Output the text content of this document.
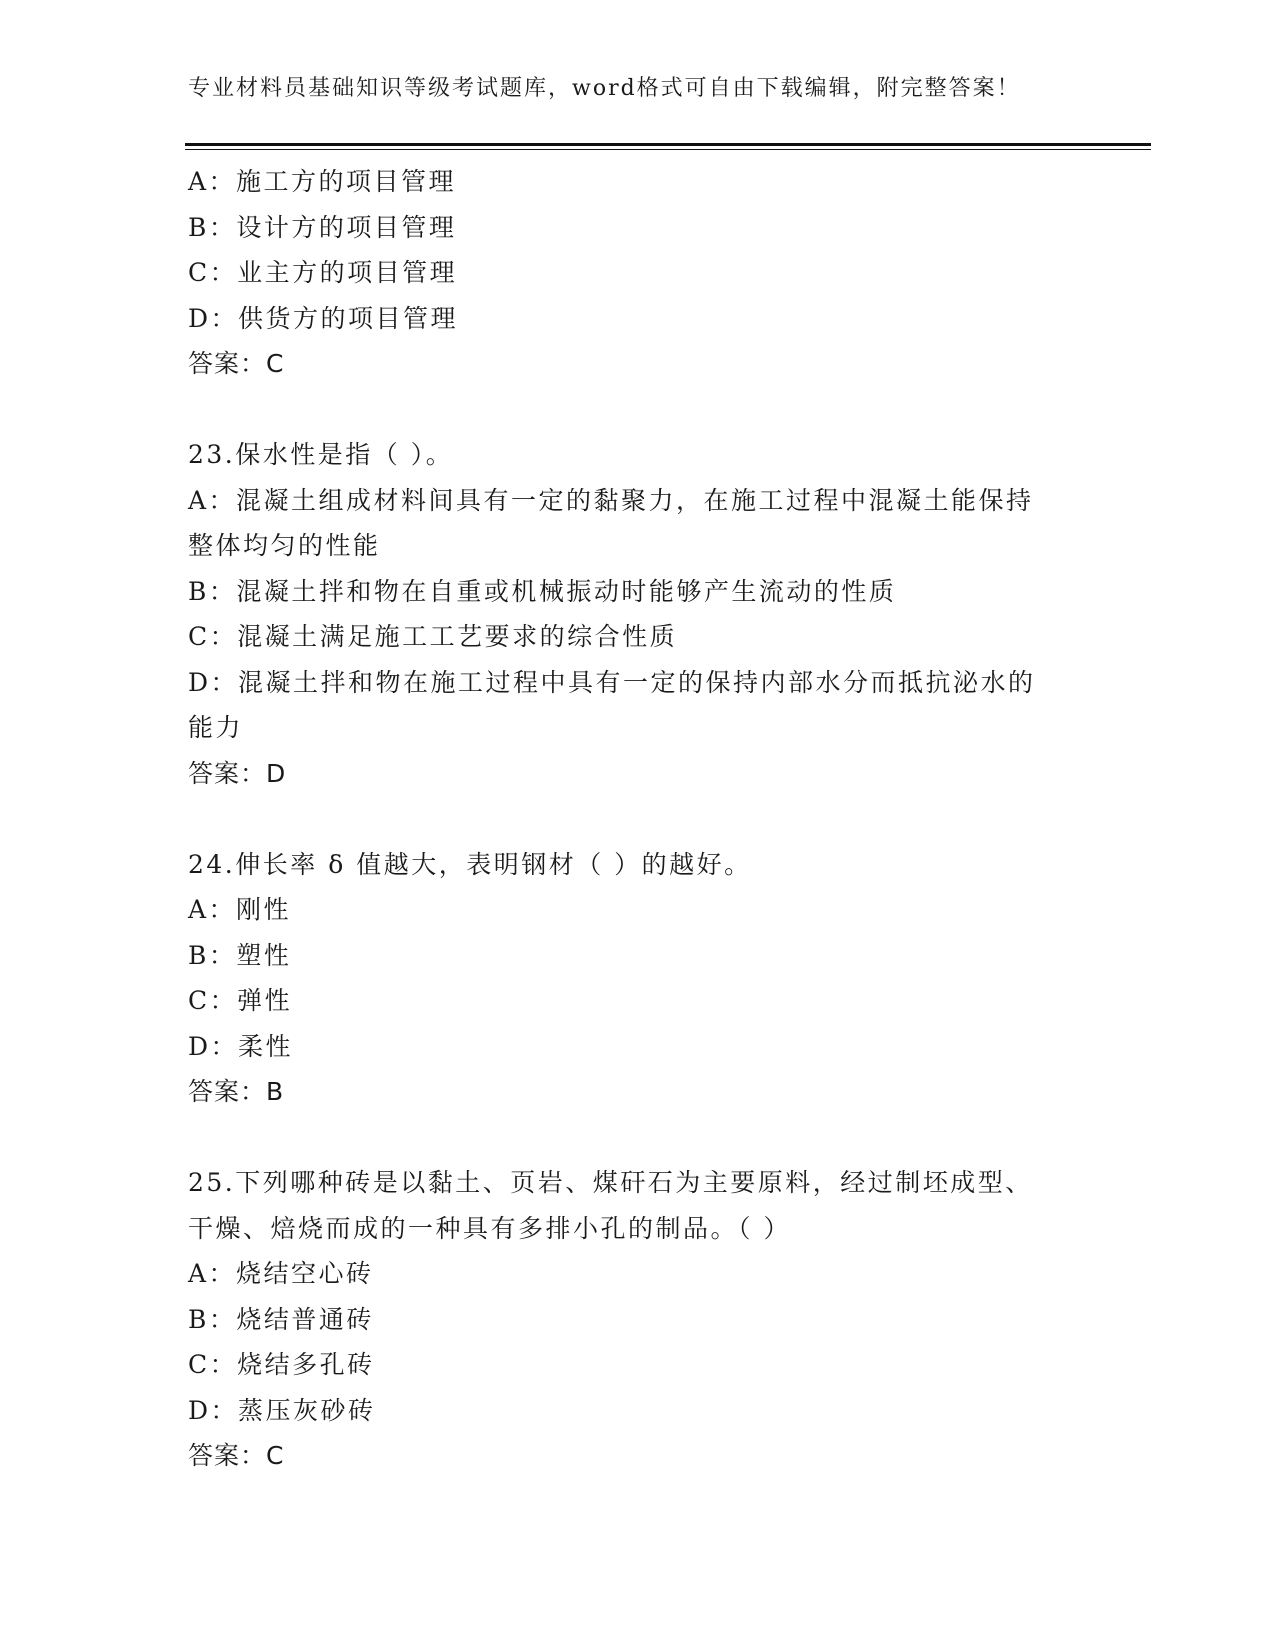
专业材料员基础知识等级考试题库，word格式可自由下载编辑，附完整答案！
A：施工方的项目管理
B：设计方的项目管理
C：业主方的项目管理
D：供货方的项目管理
答案：C
23.保水性是指（ ）。
A：混凝土组成材料间具有一定的黏聚力，在施工过程中混凝土能保持
整体均匀的性能
B：混凝土拌和物在自重或机械振动时能够产生流动的性质
C：混凝土满足施工工艺要求的综合性质
D：混凝土拌和物在施工过程中具有一定的保持内部水分而抵抗泌水的
能力
答案：D
24.伸长率 δ 值越大，表明钢材（ ）的越好。
A：刚性
B：塑性
C：弹性
D：柔性
答案：B
25.下列哪种砖是以黏土、页岩、煤矸石为主要原料，经过制坯成型、
干燥、焙烧而成的一种具有多排小孔的制品。（ ）
A：烧结空心砖
B：烧结普通砖
C：烧结多孔砖
D：蒸压灰砂砖
答案：C
